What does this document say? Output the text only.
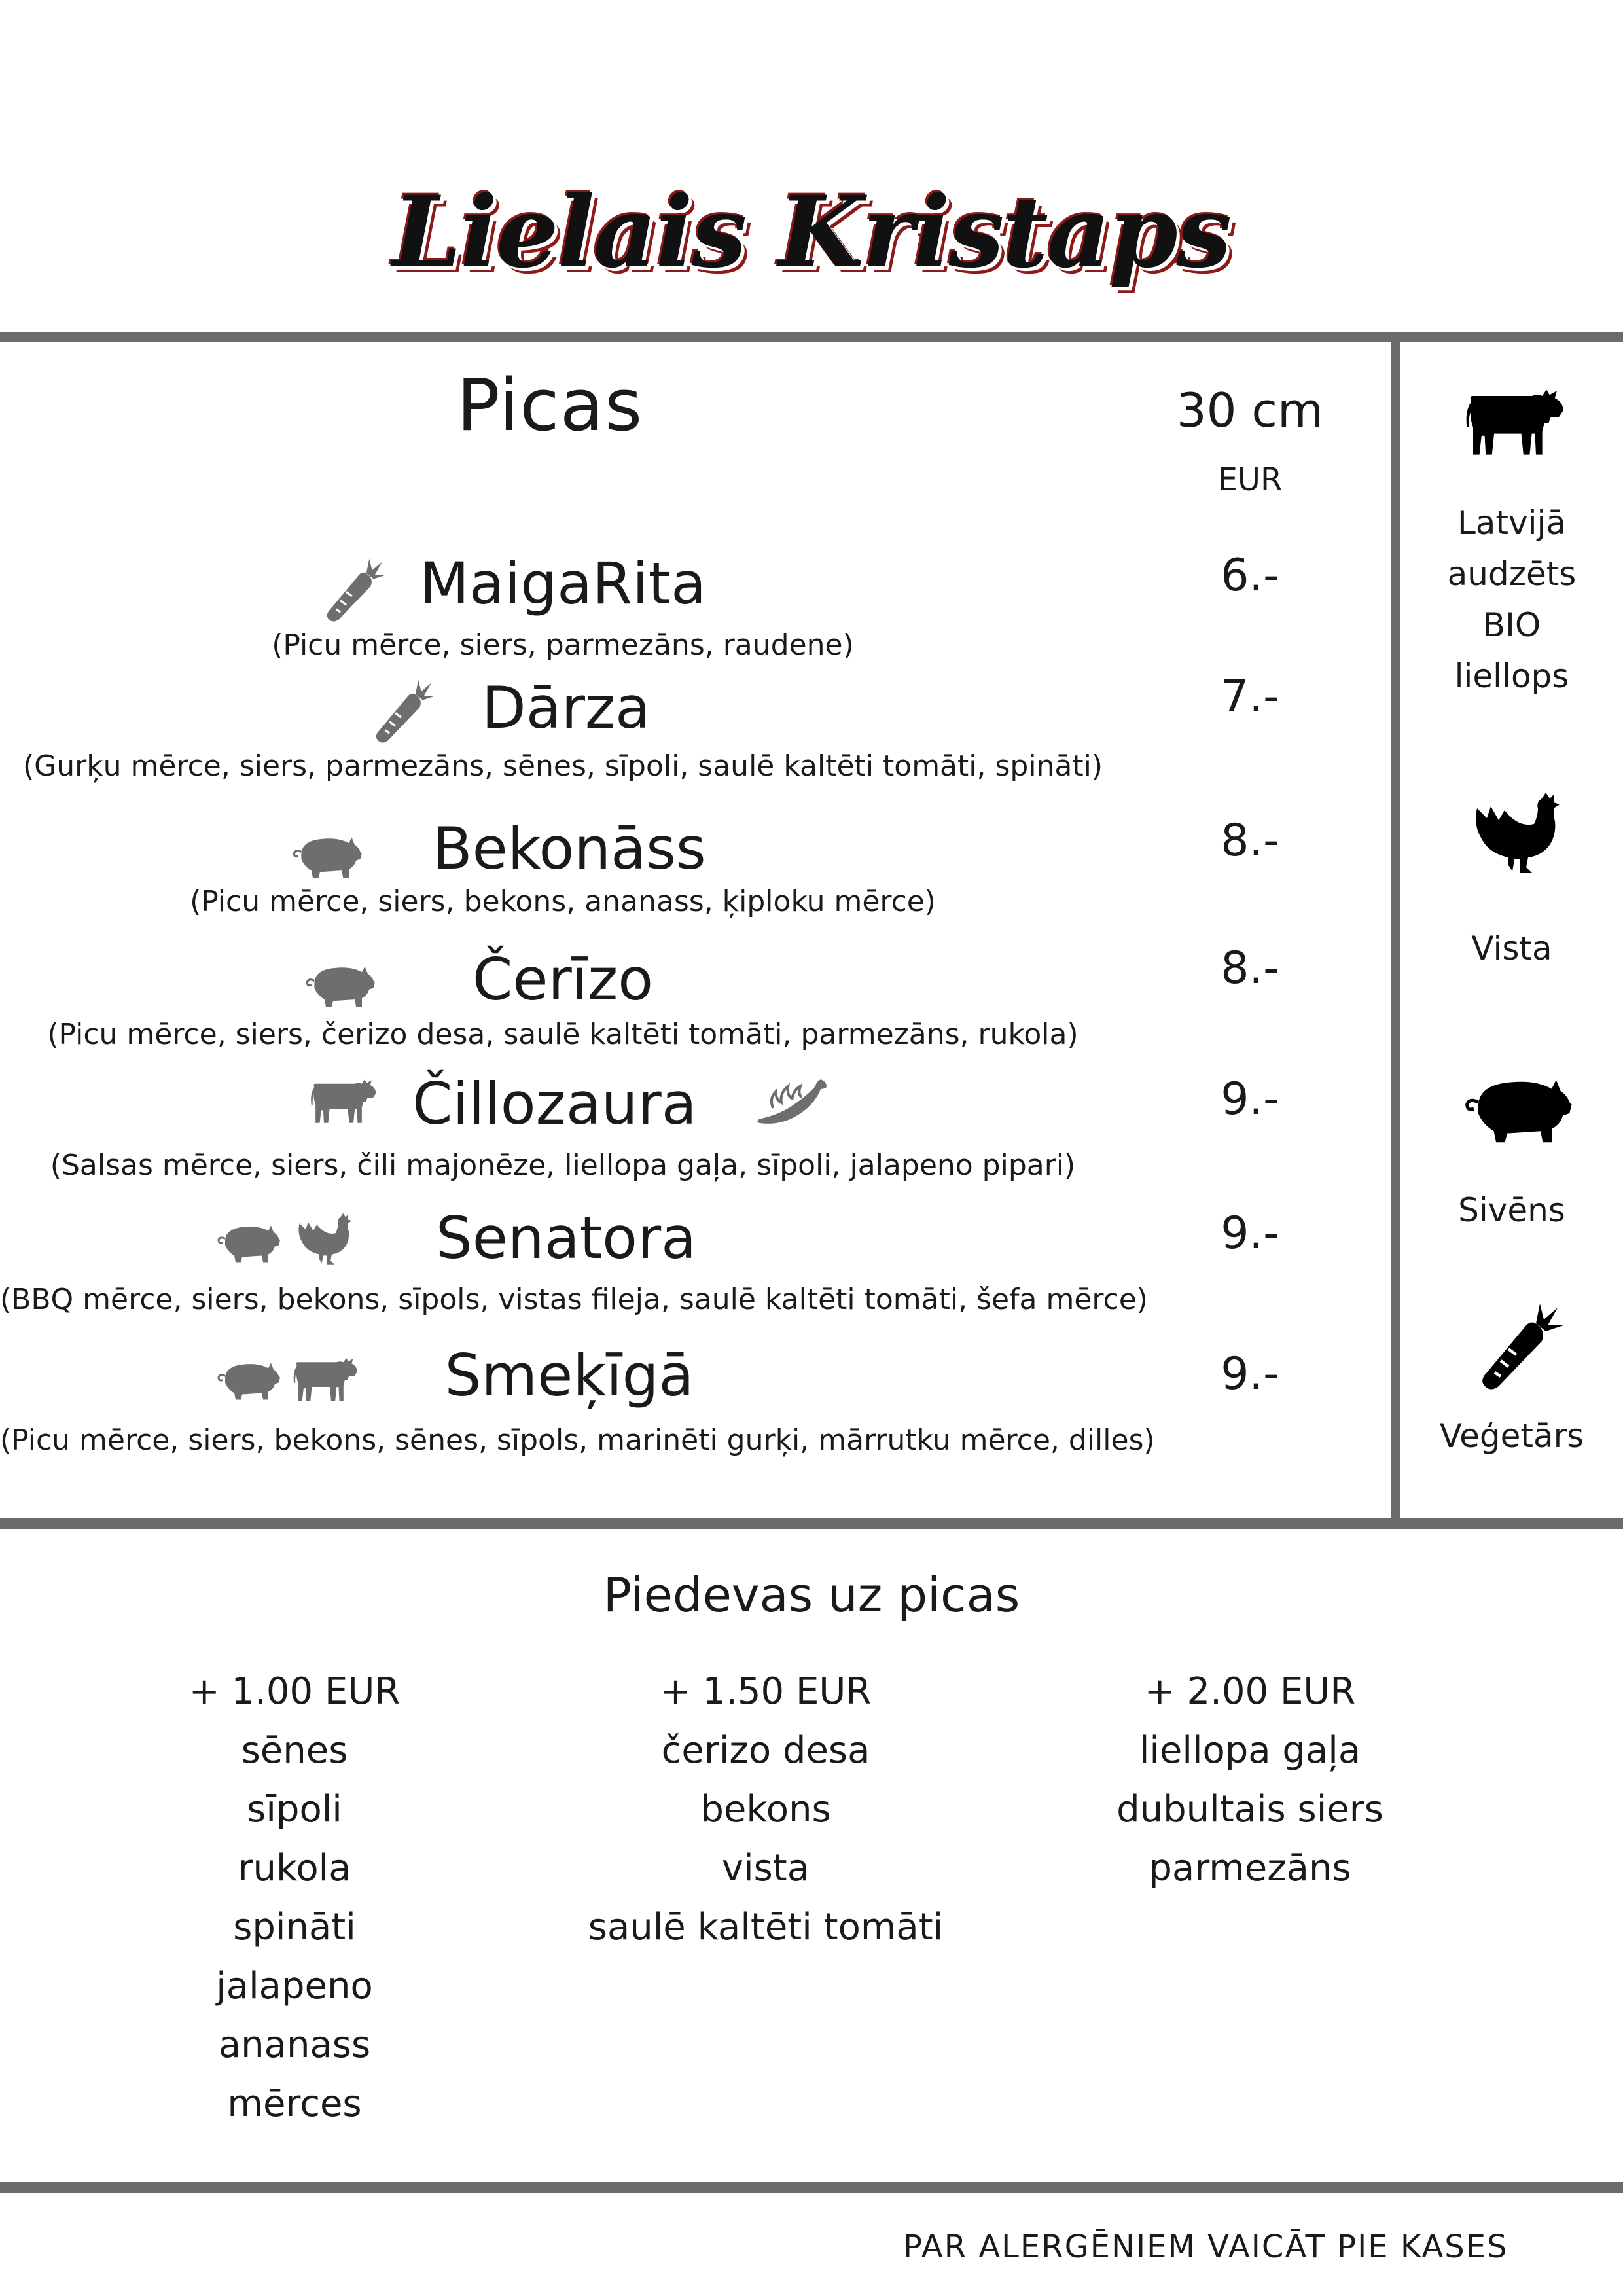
Lielais Kristaps
Picas	30 cm
EUR
MaigaRita
(Picu mērce, siers, parmezāns, raudene)
6.-
Dārza
(Gurķu mērce, siers, parmezāns, sēnes, sīpoli, saulē kaltēti tomāti, spināti)
7.-
Bekonāss
(Picu mērce, siers, bekons, ananass, ķiploku mērce)
8.-
Čerīzo
(Picu mērce, siers, čerizo desa, saulē kaltēti tomāti, parmezāns, rukola)
8.-
Čillozaura
(Salsas mērce, siers, čili majonēze, liellopa gaļa, sīpoli, jalapeno pipari)
9.-
Senatora
(BBQ mērce, siers, bekons, sīpols, vistas fileja, saulē kaltēti tomāti, šefa mērce)
9.-
Smeķīgā
(Picu mērce, siers, bekons, sēnes, sīpols, marinēti gurķi, mārrutku mērce, dilles)
9.-
Latvijā
audzēts
BIO
liellops
Vista
Sivēns
Veģetārs
Piedevas uz picas
+ 1.00 EUR
sēnes
sīpoli
rukola
spināti
jalapeno
ananass
mērces
+ 1.50 EUR
čerizo desa
bekons
vista
saulē kaltēti tomāti
+ 2.00 EUR
liellopa gaļa
dubultais siers
parmezāns
PAR ALERGĒNIEM VAICĀT PIE KASES
